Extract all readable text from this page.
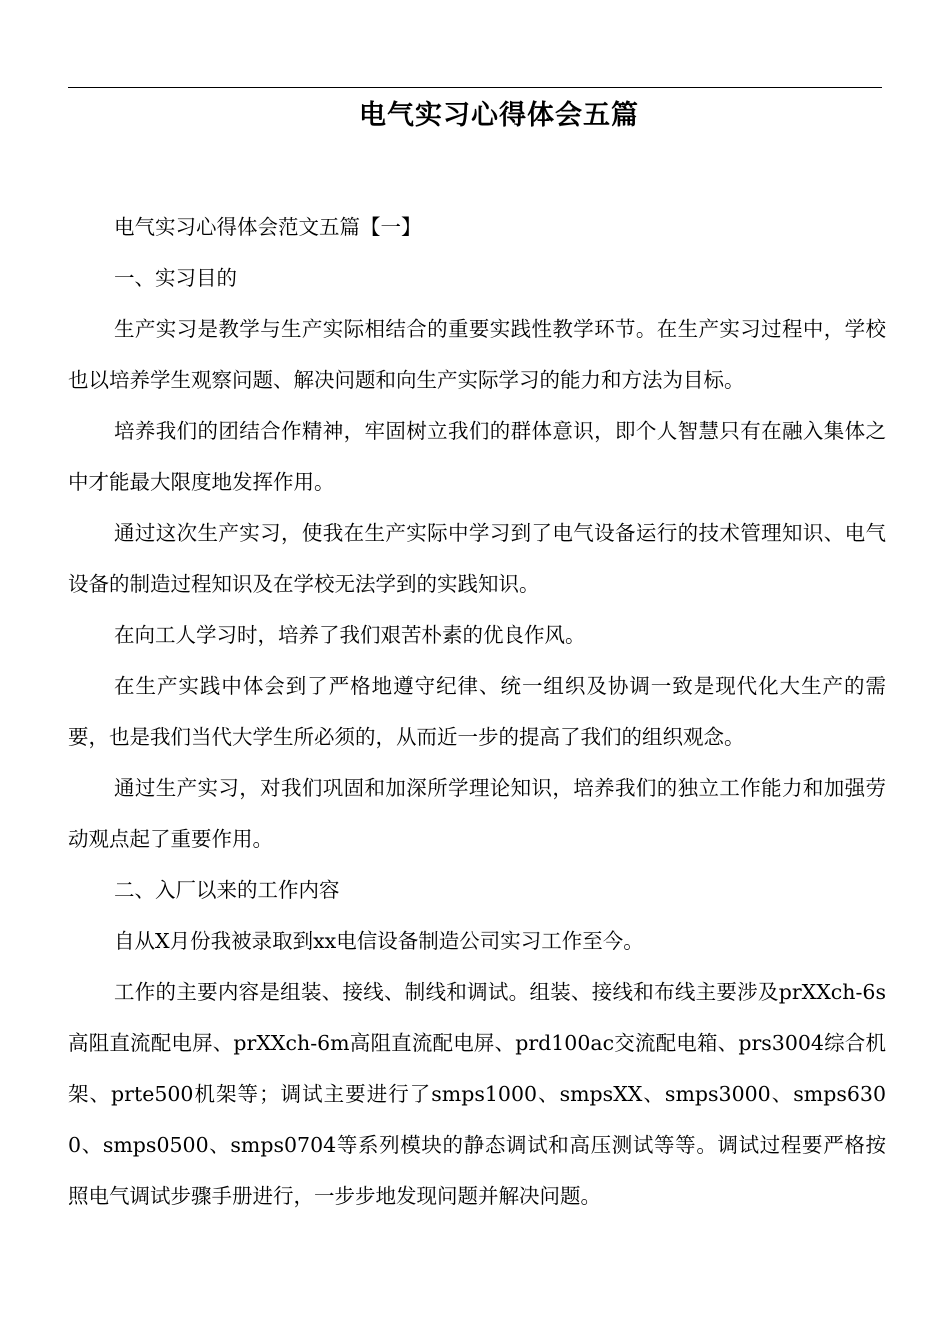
电气实习心得体会五篇

电气实习心得体会范文五篇【一】

一、实习目的

生产实习是教学与生产实际相结合的重要实践性教学环节。在生产实习过程中，学校也以培养学生观察问题、解决问题和向生产实际学习的能力和方法为目标。

培养我们的团结合作精神，牢固树立我们的群体意识，即个人智慧只有在融入集体之中才能最大限度地发挥作用。

通过这次生产实习，使我在生产实际中学习到了电气设备运行的技术管理知识、电气设备的制造过程知识及在学校无法学到的实践知识。

在向工人学习时，培养了我们艰苦朴素的优良作风。

在生产实践中体会到了严格地遵守纪律、统一组织及协调一致是现代化大生产的需要，也是我们当代大学生所必须的，从而近一步的提高了我们的组织观念。

通过生产实习，对我们巩固和加深所学理论知识，培养我们的独立工作能力和加强劳动观点起了重要作用。

二、入厂以来的工作内容

自从X月份我被录取到xx电信设备制造公司实习工作至今。

工作的主要内容是组装、接线、制线和调试。组装、接线和布线主要涉及prXXch-6s高阻直流配电屏、prXXch-6m高阻直流配电屏、prd100ac交流配电箱、prs3004综合机架、prte500机架等；调试主要进行了smps1000、smpsXX、smps3000、smps6300、smps0500、smps0704等系列模块的静态调试和高压测试等等。调试过程要严格按照电气调试步骤手册进行，一步步地发现问题并解决问题。
